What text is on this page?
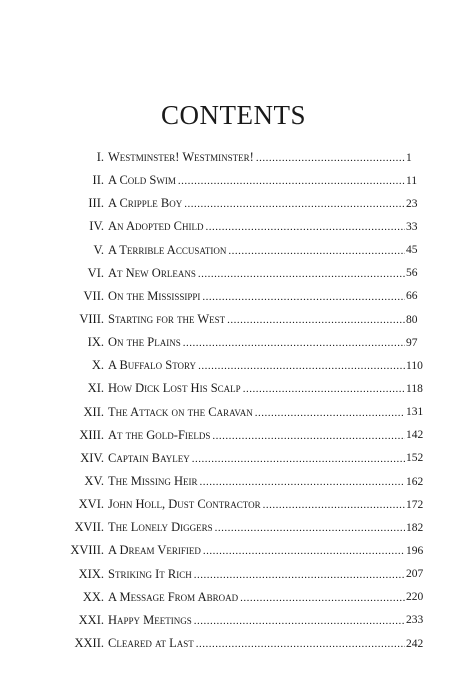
CONTENTS
I. Westminster! Westminster! .....	1
II. A Cold Swim .....	11
III. A Cripple Boy .....	23
IV. An Adopted Child .....	33
V. A Terrible Accusation .....	45
VI. At New Orleans .....	56
VII. On the Mississippi .....	66
VIII. Starting for the West .....	80
IX. On the Plains .....	97
X. A Buffalo Story .....	110
XI. How Dick Lost His Scalp .....	118
XII. The Attack on the Caravan .....	131
XIII. At the Gold-Fields .....	142
XIV. Captain Bayley .....	152
XV. The Missing Heir .....	162
XVI. John Holl, Dust Contractor .....	172
XVII. The Lonely Diggers .....	182
XVIII. A Dream Verified .....	196
XIX. Striking It Rich .....	207
XX. A Message From Abroad .....	220
XXI. Happy Meetings .....	233
XXII. Cleared at Last .....	242
